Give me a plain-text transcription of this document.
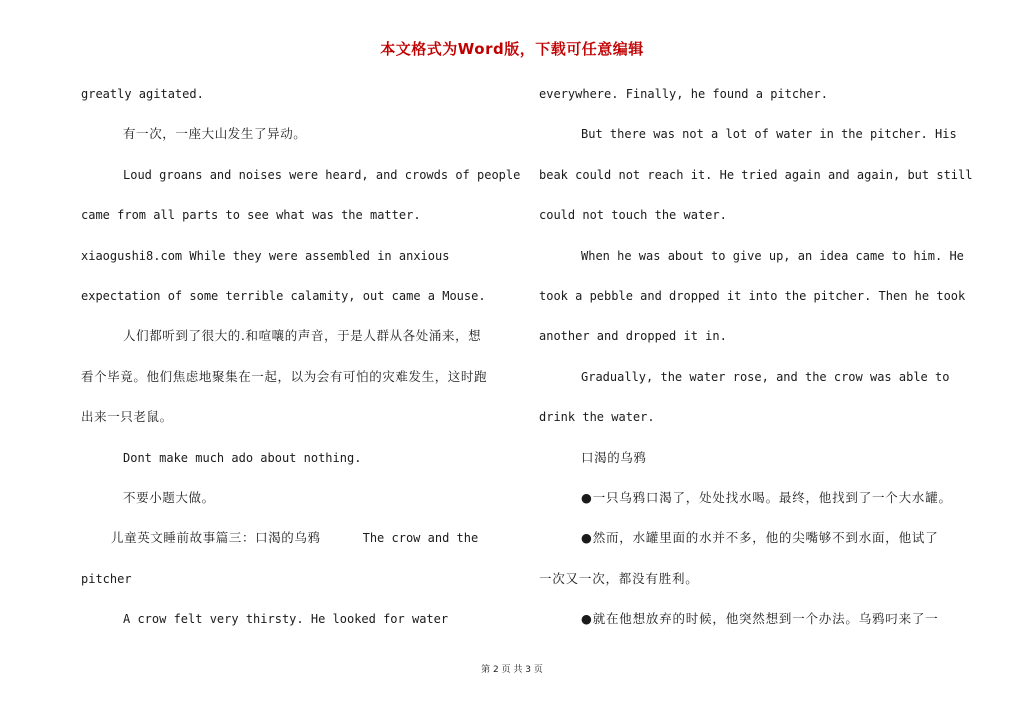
本文格式为Word版，下载可任意编辑
greatly agitated.
有一次，一座大山发生了异动。
Loud groans and noises were heard, and crowds of people
came from all parts to see what was the matter.
xiaogushi8.com While they were assembled in anxious
expectation of some terrible calamity, out came a Mouse.
人们都听到了很大的.和喧嚷的声音，于是人群从各处涌来，想
看个毕竟。他们焦虑地聚集在一起，以为会有可怕的灾难发生，这时跑
出来一只老鼠。
Dont make much ado about nothing.
不要小题大做。
儿童英文睡前故事篇三：口渴的乌鸦	The crow and the
pitcher
A crow felt very thirsty. He looked for water
everywhere. Finally, he found a pitcher.
But there was not a lot of water in the pitcher. His
beak could not reach it. He tried again and again, but still
could not touch the water.
When he was about to give up, an idea came to him. He
took a pebble and dropped it into the pitcher. Then he took
another and dropped it in.
Gradually, the water rose, and the crow was able to
drink the water.
口渴的乌鸦
●一只乌鸦口渴了，处处找水喝。最终，他找到了一个大水罐。
●然而，水罐里面的水并不多，他的尖嘴够不到水面，他试了
一次又一次，都没有胜利。
●就在他想放弃的时候，他突然想到一个办法。乌鸦叼来了一
第 2 页 共 3 页
